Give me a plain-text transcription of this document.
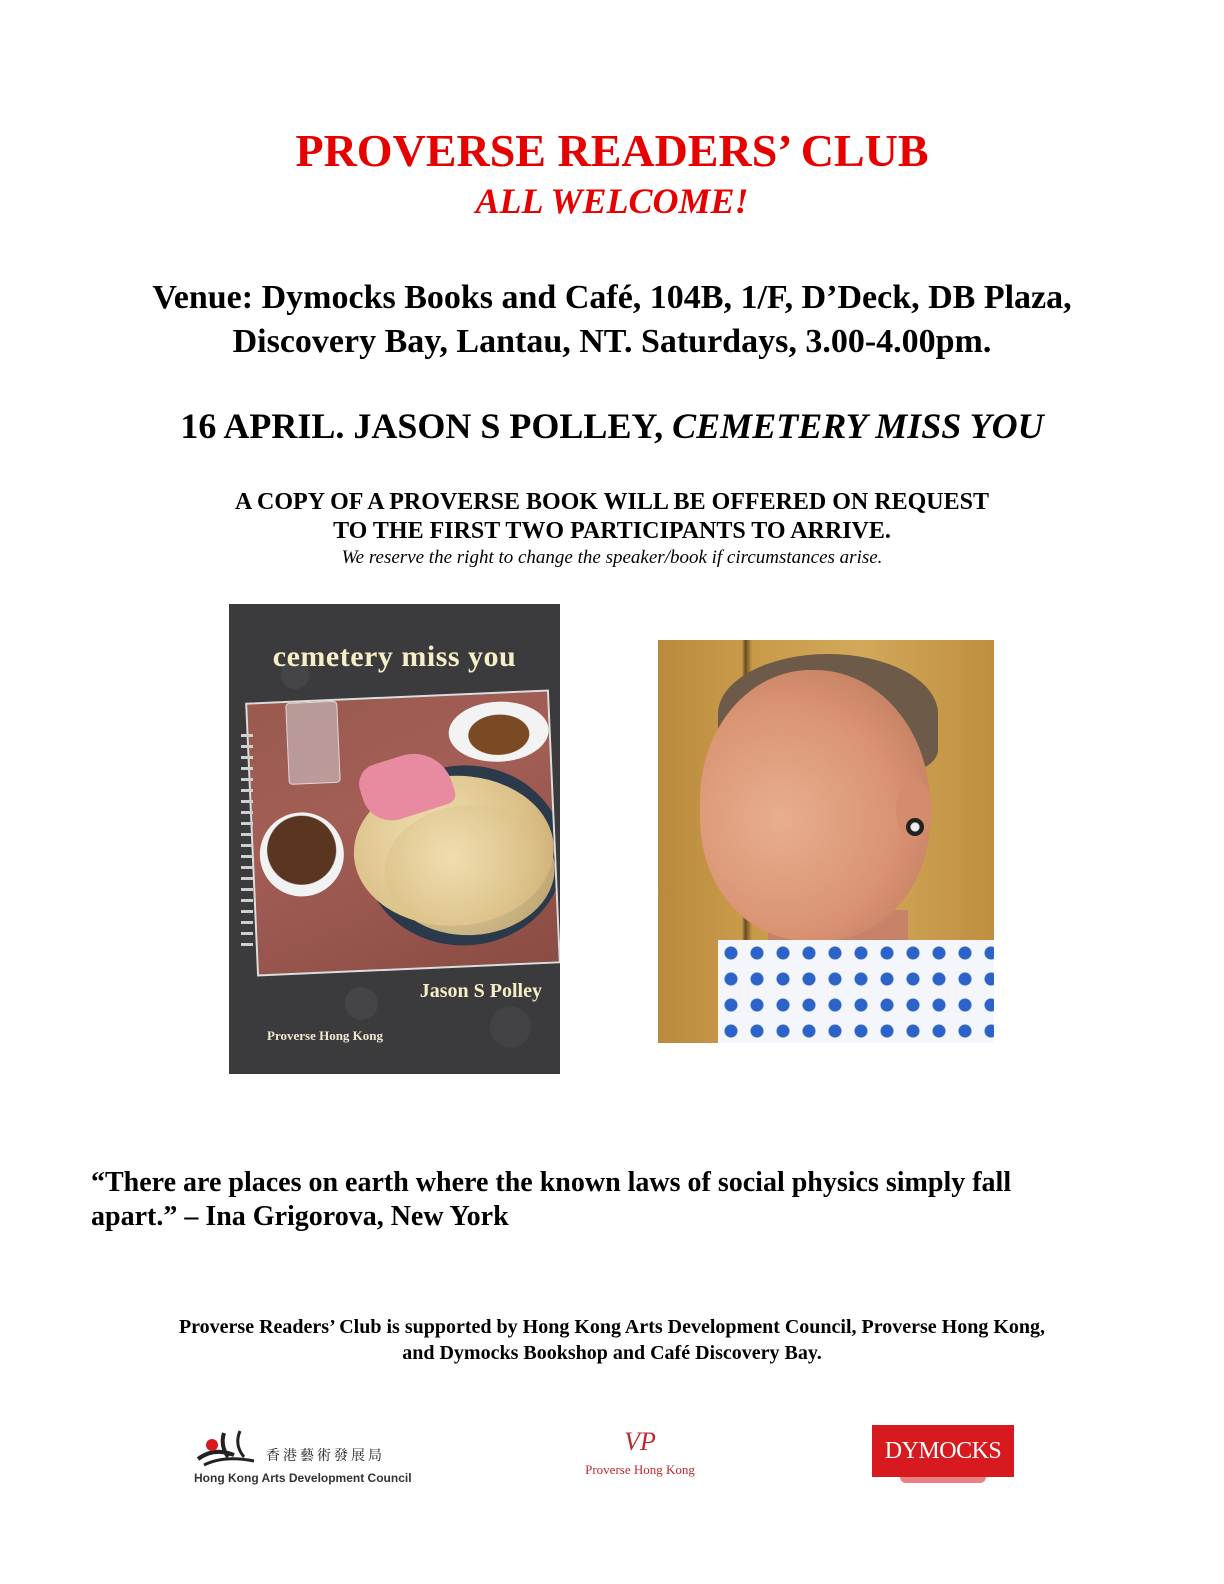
PROVERSE READERS’ CLUB
ALL WELCOME!
Venue: Dymocks Books and Café, 104B, 1/F, D’Deck, DB Plaza,
Discovery Bay, Lantau, NT. Saturdays, 3.00-4.00pm.
16 APRIL. JASON S POLLEY, CEMETERY MISS YOU
A COPY OF A PROVERSE BOOK WILL BE OFFERED ON REQUEST
TO THE FIRST TWO PARTICIPANTS TO ARRIVE.
We reserve the right to change the speaker/book if circumstances arise.
cemetery miss you
Jason S Polley
Proverse Hong Kong
“There are places on earth where the known laws of social physics simply fall
apart.” – Ina Grigorova, New York
Proverse Readers’ Club is supported by Hong Kong Arts Development Council, Proverse Hong Kong,
and Dymocks Bookshop and Café Discovery Bay.
香港藝術發展局
Hong Kong Arts Development Council
VP
Proverse Hong Kong
DYMOCKS
